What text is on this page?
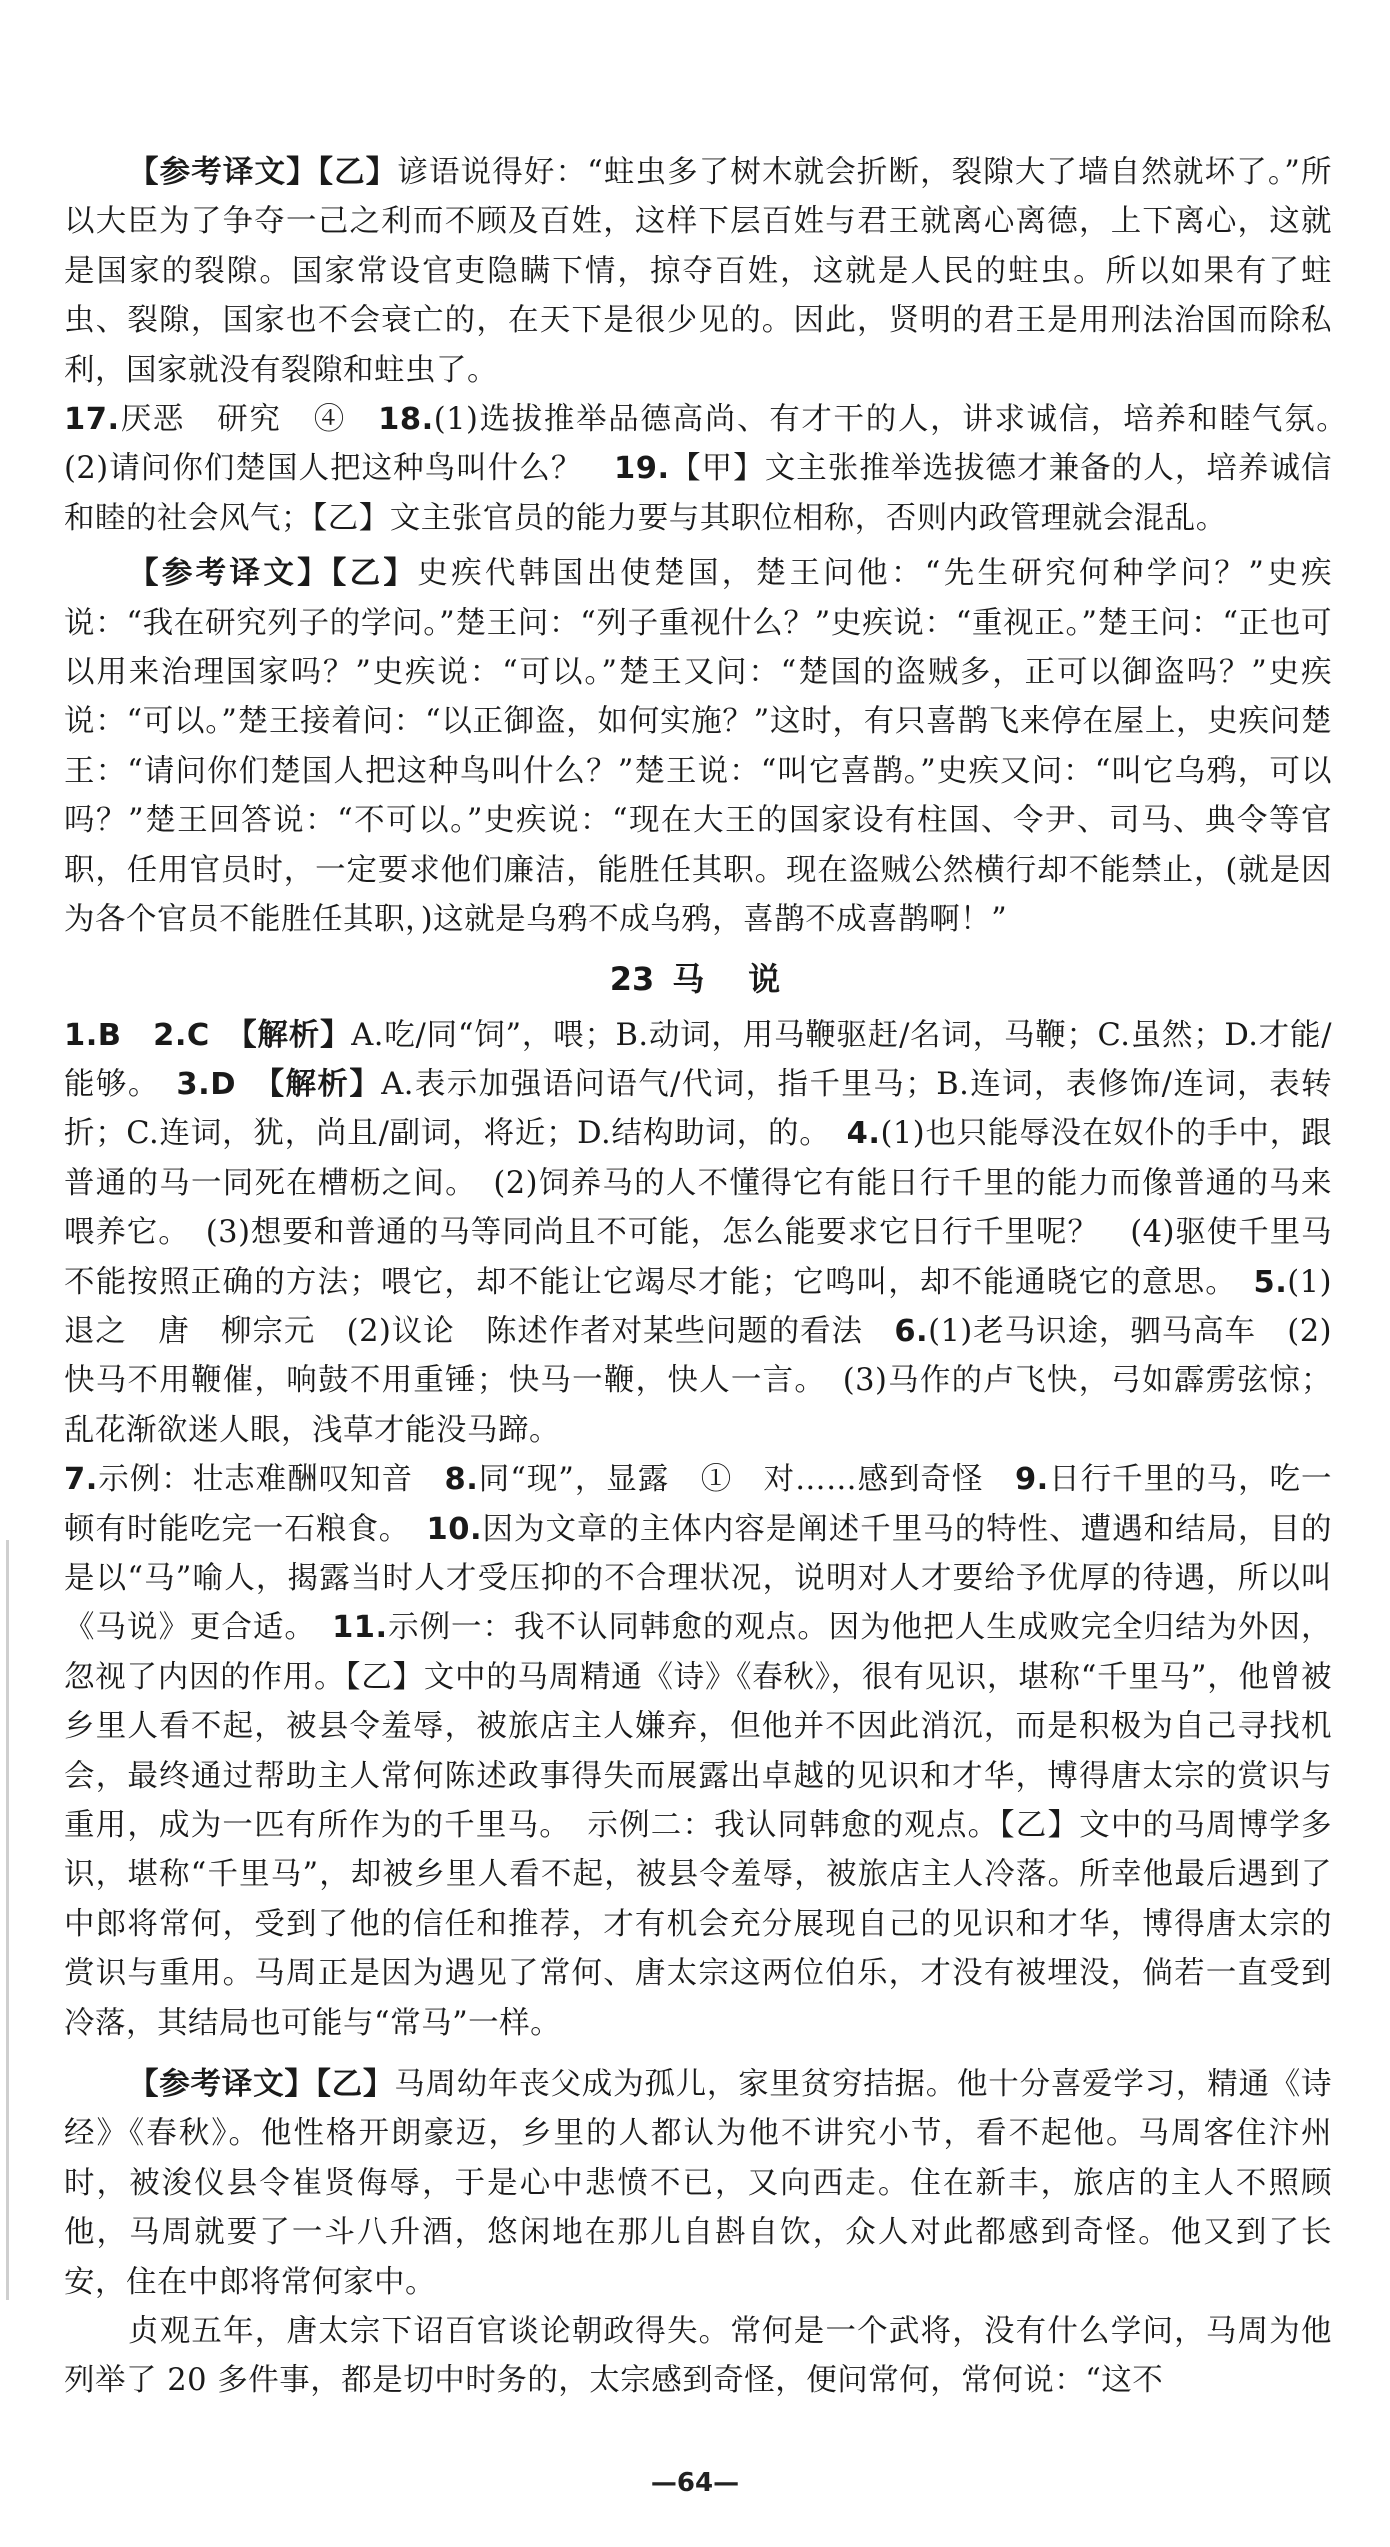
【参考译文】【乙】谚语说得好：“蛀虫多了树木就会折断，裂隙大了墙自然就坏了。”所以大臣为了争夺一己之利而不顾及百姓，这样下层百姓与君王就离心离德，上下离心，这就是国家的裂隙。国家常设官吏隐瞒下情，掠夺百姓，这就是人民的蛀虫。所以如果有了蛀虫、裂隙，国家也不会衰亡的，在天下是很少见的。因此，贤明的君王是用刑法治国而除私利，国家就没有裂隙和蛀虫了。

17.厌恶　研究　④　18.(1)选拔推举品德高尚、有才干的人，讲求诚信，培养和睦气氛。　(2)请问你们楚国人把这种鸟叫什么？　19.【甲】文主张推举选拔德才兼备的人，培养诚信和睦的社会风气；【乙】文主张官员的能力要与其职位相称，否则内政管理就会混乱。

【参考译文】【乙】史疾代韩国出使楚国，楚王问他：“先生研究何种学问？”史疾说：“我在研究列子的学问。”楚王问：“列子重视什么？”史疾说：“重视正。”楚王问：“正也可以用来治理国家吗？”史疾说：“可以。”楚王又问：“楚国的盗贼多，正可以御盗吗？”史疾说：“可以。”楚王接着问：“以正御盗，如何实施？”这时，有只喜鹊飞来停在屋上，史疾问楚王：“请问你们楚国人把这种鸟叫什么？”楚王说：“叫它喜鹊。”史疾又问：“叫它乌鸦，可以吗？”楚王回答说：“不可以。”史疾说：“现在大王的国家设有柱国、令尹、司马、典令等官职，任用官员时，一定要求他们廉洁，能胜任其职。现在盗贼公然横行却不能禁止，(就是因为各个官员不能胜任其职，)这就是乌鸦不成乌鸦，喜鹊不成喜鹊啊！”

23 马　说

1.B　2.C　【解析】A.吃/同“饲”，喂；B.动词，用马鞭驱赶/名词，马鞭；C.虽然；D.才能/能够。　3.D　【解析】A.表示加强语问语气/代词，指千里马；B.连词，表修饰/连词，表转折；C.连词，犹，尚且/副词，将近；D.结构助词，的。　4.(1)也只能辱没在奴仆的手中，跟普通的马一同死在槽枥之间。　(2)饲养马的人不懂得它有能日行千里的能力而像普通的马来喂养它。　(3)想要和普通的马等同尚且不可能，怎么能要求它日行千里呢？　(4)驱使千里马不能按照正确的方法；喂它，却不能让它竭尽才能；它鸣叫，却不能通晓它的意思。　5.(1)退之　唐　柳宗元　(2)议论　陈述作者对某些问题的看法　6.(1)老马识途，驷马高车　(2)快马不用鞭催，响鼓不用重锤；快马一鞭，快人一言。　(3)马作的卢飞快，弓如霹雳弦惊；乱花渐欲迷人眼，浅草才能没马蹄。
7.示例：壮志难酬叹知音　8.同“现”，显露　①　对……感到奇怪　9.日行千里的马，吃一顿有时能吃完一石粮食。　10.因为文章的主体内容是阐述千里马的特性、遭遇和结局，目的是以“马”喻人，揭露当时人才受压抑的不合理状况，说明对人才要给予优厚的待遇，所以叫《马说》更合适。　11.示例一：我不认同韩愈的观点。因为他把人生成败完全归结为外因，忽视了内因的作用。【乙】文中的马周精通《诗》《春秋》，很有见识，堪称“千里马”，他曾被乡里人看不起，被县令羞辱，被旅店主人嫌弃，但他并不因此消沉，而是积极为自己寻找机会，最终通过帮助主人常何陈述政事得失而展露出卓越的见识和才华，博得唐太宗的赏识与重用，成为一匹有所作为的千里马。　示例二：我认同韩愈的观点。【乙】文中的马周博学多识，堪称“千里马”，却被乡里人看不起，被县令羞辱，被旅店主人冷落。所幸他最后遇到了中郎将常何，受到了他的信任和推荐，才有机会充分展现自己的见识和才华，博得唐太宗的赏识与重用。马周正是因为遇见了常何、唐太宗这两位伯乐，才没有被埋没，倘若一直受到冷落，其结局也可能与“常马”一样。

【参考译文】【乙】马周幼年丧父成为孤儿，家里贫穷拮据。他十分喜爱学习，精通《诗经》《春秋》。他性格开朗豪迈，乡里的人都认为他不讲究小节，看不起他。马周客住汴州时，被浚仪县令崔贤侮辱，于是心中悲愤不已，又向西走。住在新丰，旅店的主人不照顾他，马周就要了一斗八升酒，悠闲地在那儿自斟自饮，众人对此都感到奇怪。他又到了长安，住在中郎将常何家中。

贞观五年，唐太宗下诏百官谈论朝政得失。常何是一个武将，没有什么学问，马周为他列举了 20 多件事，都是切中时务的，太宗感到奇怪，便问常何，常何说：“这不

—64—
